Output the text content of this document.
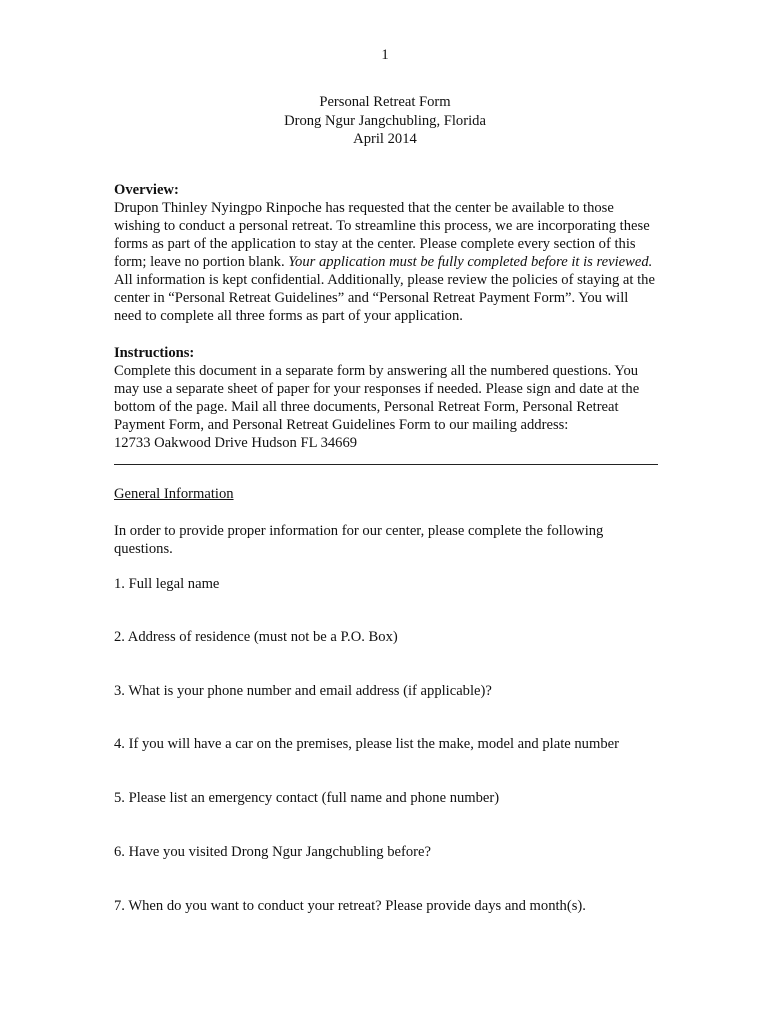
1
Personal Retreat Form
Drong Ngur Jangchubling, Florida
April 2014
Overview:
Drupon Thinley Nyingpo Rinpoche has requested that the center be available to those wishing to conduct a personal retreat. To streamline this process, we are incorporating these forms as part of the application to stay at the center. Please complete every section of this form; leave no portion blank. Your application must be fully completed before it is reviewed. All information is kept confidential. Additionally, please review the policies of staying at the center in “Personal Retreat Guidelines” and “Personal Retreat Payment Form”. You will need to complete all three forms as part of your application.
Instructions:
Complete this document in a separate form by answering all the numbered questions. You may use a separate sheet of paper for your responses if needed. Please sign and date at the bottom of the page. Mail all three documents, Personal Retreat Form, Personal Retreat Payment Form, and Personal Retreat Guidelines Form to our mailing address:
12733 Oakwood Drive Hudson FL 34669
General Information
In order to provide proper information for our center, please complete the following questions.
1. Full legal name
2. Address of residence (must not be a P.O. Box)
3. What is your phone number and email address (if applicable)?
4. If you will have a car on the premises, please list the make, model and plate number
5. Please list an emergency contact (full name and phone number)
6. Have you visited Drong Ngur Jangchubling before?
7. When do you want to conduct your retreat? Please provide days and month(s).
